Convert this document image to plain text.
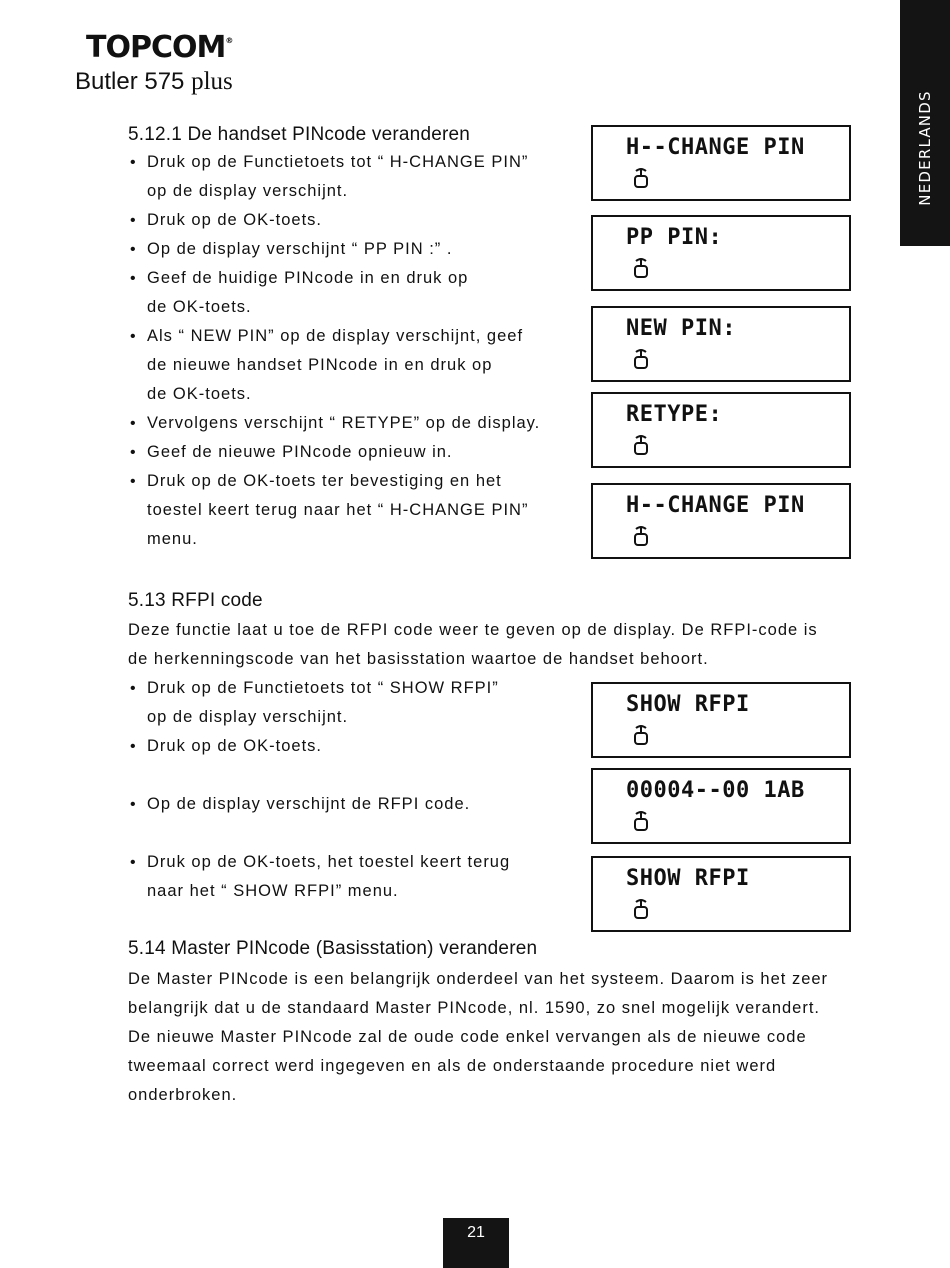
TOPCOM®
Butler 575 plus
NEDERLANDS
5.12.1 De handset PINcode veranderen
• Druk op de Functietoets tot “ H-CHANGE PIN”
op de display verschijnt.
• Druk op de OK-toets.
• Op de display verschijnt “ PP PIN :” .
• Geef de huidige PINcode in en druk op
de OK-toets.
• Als “ NEW PIN” op de display verschijnt, geef
de nieuwe handset PINcode in en druk op
de OK-toets.
• Vervolgens verschijnt “ RETYPE” op de display.
• Geef de nieuwe PINcode opnieuw in.
• Druk op de OK-toets ter bevestiging en het
toestel keert terug naar het “ H-CHANGE PIN”
menu.
5.13 RFPI code
Deze functie laat u toe de RFPI code weer te geven op de display. De RFPI-code is
de herkenningscode van het basisstation waartoe de handset behoort.
• Druk op de Functietoets tot “ SHOW RFPI”
op de display verschijnt.
• Druk op de OK-toets.
• Op de display verschijnt de RFPI code.
• Druk op de OK-toets, het toestel keert terug
naar het “ SHOW RFPI” menu.
5.14 Master PINcode (Basisstation) veranderen
De Master PINcode is een belangrijk onderdeel van het systeem. Daarom is het zeer
belangrijk dat u de standaard Master PINcode, nl. 1590, zo snel mogelijk verandert.
De nieuwe Master PINcode zal de oude code enkel vervangen als de nieuwe code
tweemaal correct werd ingegeven en als de onderstaande procedure niet werd
onderbroken.
H--CHANGE PIN
PP PIN:
NEW PIN:
RETYPE:
H--CHANGE PIN
SHOW RFPI
00004--00 1AB
SHOW RFPI
21
